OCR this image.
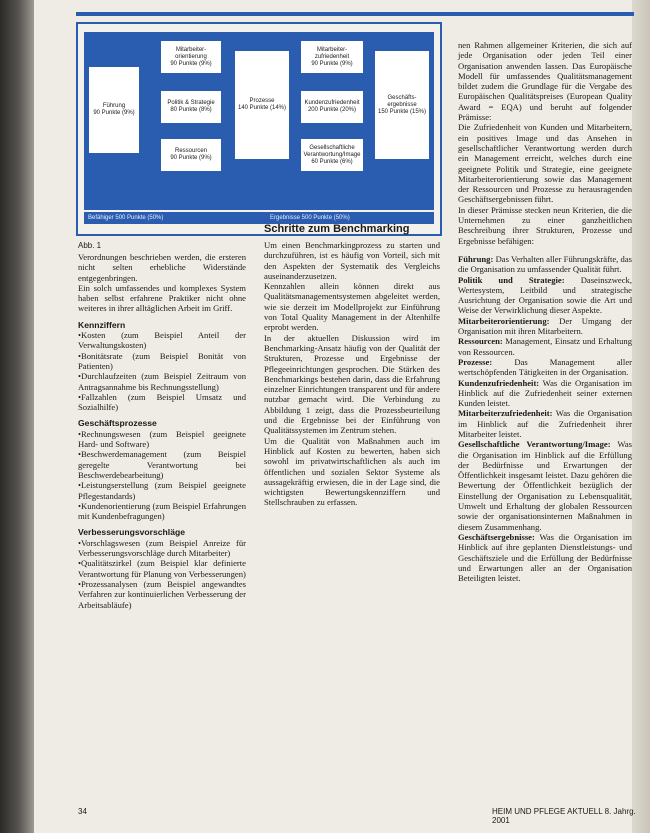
Führung
90 Punkte (9%)
Mitarbeiter-
orientierung
90 Punkte (9%)
Politik & Strategie
80 Punkte (8%)
Ressourcen
90 Punkte (9%)
Prozesse
140 Punkte (14%)
Mitarbeiter-
zufriedenheit
90 Punkte (9%)
Kundenzufriedenheit
200 Punkte (20%)
Gesellschaftliche
Verantwortung/Image
60 Punkte (6%)
Geschäfts-
ergebnisse
150 Punkte (15%)
Befähiger 500 Punkte (50%)	Ergebnisse 500 Punkte (50%)
Abb. 1

Verordnungen beschrieben werden, die ersteren nicht selten erhebliche Widerstände entgegenbringen.

Ein solch umfassendes und komplexes System haben selbst erfahrene Praktiker nicht ohne weiteres in ihrer alltäglichen Arbeit im Griff.

Kennziffern

• Kosten (zum Beispiel Anteil der Verwaltungskosten)

• Bonitätsrate (zum Beispiel Bonität von Patienten)

• Durchlaufzeiten (zum Beispiel Zeitraum von Antragsannahme bis Rechnungsstellung)

• Fallzahlen (zum Beispiel Umsatz und Sozialhilfe)

Geschäftsprozesse

• Rechnungswesen (zum Beispiel geeignete Hard- und Software)

• Beschwerdemanagement (zum Beispiel geregelte Verantwortung bei Beschwerdebearbeitung)

• Leistungserstellung (zum Beispiel geeignete Pflegestandards)

• Kundenorientierung (zum Beispiel Erfahrungen mit Kundenbefragungen)

Verbesserungsvorschläge

• Vorschlagswesen (zum Beispiel Anreize für Verbesserungsvorschläge durch Mitarbeiter)

• Qualitätszirkel (zum Beispiel klar definierte Verantwortung für Planung von Verbesserungen)

• Prozessanalysen (zum Beispiel angewandtes Verfahren zur kontinuierlichen Verbesserung der Arbeitsabläufe)

Schritte zum Benchmarking

Um einen Benchmarkingprozess zu starten und durchzuführen, ist es häufig von Vorteil, sich mit den Aspekten der Systematik des Vergleichs auseinanderzusetzen.

Kennzahlen allein können direkt aus Qualitätsmanagementsystemen abgeleitet werden, wie sie derzeit im Modellprojekt zur Einführung von Total Quality Management in der Altenhilfe erprobt werden.

In der aktuellen Diskussion wird im Benchmarking-Ansatz häufig von der Qualität der Strukturen, Prozesse und Ergebnisse der Pflegeeinrichtungen gesprochen. Die Stärken des Benchmarkings bestehen darin, dass die Erfahrung einzelner Einrichtungen transparent und für andere nutzbar gemacht wird. Die Verbindung zu Abbildung 1 zeigt, dass die Prozessbeurteilung und die Ergebnisse bei der Einführung von Qualitätssystemen im Zentrum stehen.

Um die Qualität von Maßnahmen auch im Hinblick auf Kosten zu bewerten, haben sich sowohl im privatwirtschaftlichen als auch im öffentlichen und sozialen Sektor Systeme als aussagekräftig erwiesen, die in der Lage sind, die wichtigsten Bewertungskennziffern und Stellschrauben zu erfassen.

nen Rahmen allgemeiner Kriterien, die sich auf jede Organisation oder jeden Teil einer Organisation anwenden lassen. Das Europäische Modell für umfassendes Qualitätsmanagement bildet zudem die Grundlage für die Vergabe des Europäischen Qualitätspreises (European Quality Award = EQA) und beruht auf folgender Prämisse:

Die Zufriedenheit von Kunden und Mitarbeitern, ein positives Image und das Ansehen in gesellschaftlicher Verantwortung werden durch ein Management erreicht, welches durch eine geeignete Politik und Strategie, eine geeignete Mitarbeiterorientierung sowie das Management der Ressourcen und Prozesse zu herausragenden Geschäftsergebnissen führt.

In dieser Prämisse stecken neun Kriterien, die die Unternehmen zu einer ganzheitlichen Beschreibung ihrer Strukturen, Prozesse und Ergebnisse befähigen:

Führung: Das Verhalten aller Führungskräfte, das die Organisation zu umfassender Qualität führt.

Politik und Strategie: Daseinszweck, Wertesystem, Leitbild und strategische Ausrichtung der Organisation sowie die Art und Weise der Verwirklichung dieser Aspekte.

Mitarbeiterorientierung: Der Umgang der Organisation mit ihren Mitarbeitern.

Ressourcen: Management, Einsatz und Erhaltung von Ressourcen.

Prozesse:	Das Management aller wertschöpfenden Tätigkeiten in der Organisation.

Kundenzufriedenheit: Was die Organisation im Hinblick auf die Zufriedenheit seiner externen Kunden leistet.

Mitarbeiterzufriedenheit: Was die Organisation im Hinblick auf die Zufriedenheit ihrer Mitarbeiter leistet.

Gesellschaftliche Verantwortung/Image: Was die Organisation im Hinblick auf die Erfüllung der Bedürfnisse und Erwartungen der Öffentlichkeit insgesamt leistet. Dazu gehören die Bewertung der Öffentlichkeit bezüglich der Einstellung der Organisation zu Lebensqualität, Umwelt und Erhaltung der globalen Ressourcen sowie der organisationsinternen Maßnahmen in diesem Zusammenhang.

Geschäftsergebnisse: Was die Organisation im Hinblick auf ihre geplanten Dienstleistungs- und Geschäftsziele und die Erfüllung der Bedürfnisse und Erwartungen aller an der Organisation Beteiligten leistet.

34	HEIM UND PFLEGE AKTUELL 8. Jahrg. 2001
